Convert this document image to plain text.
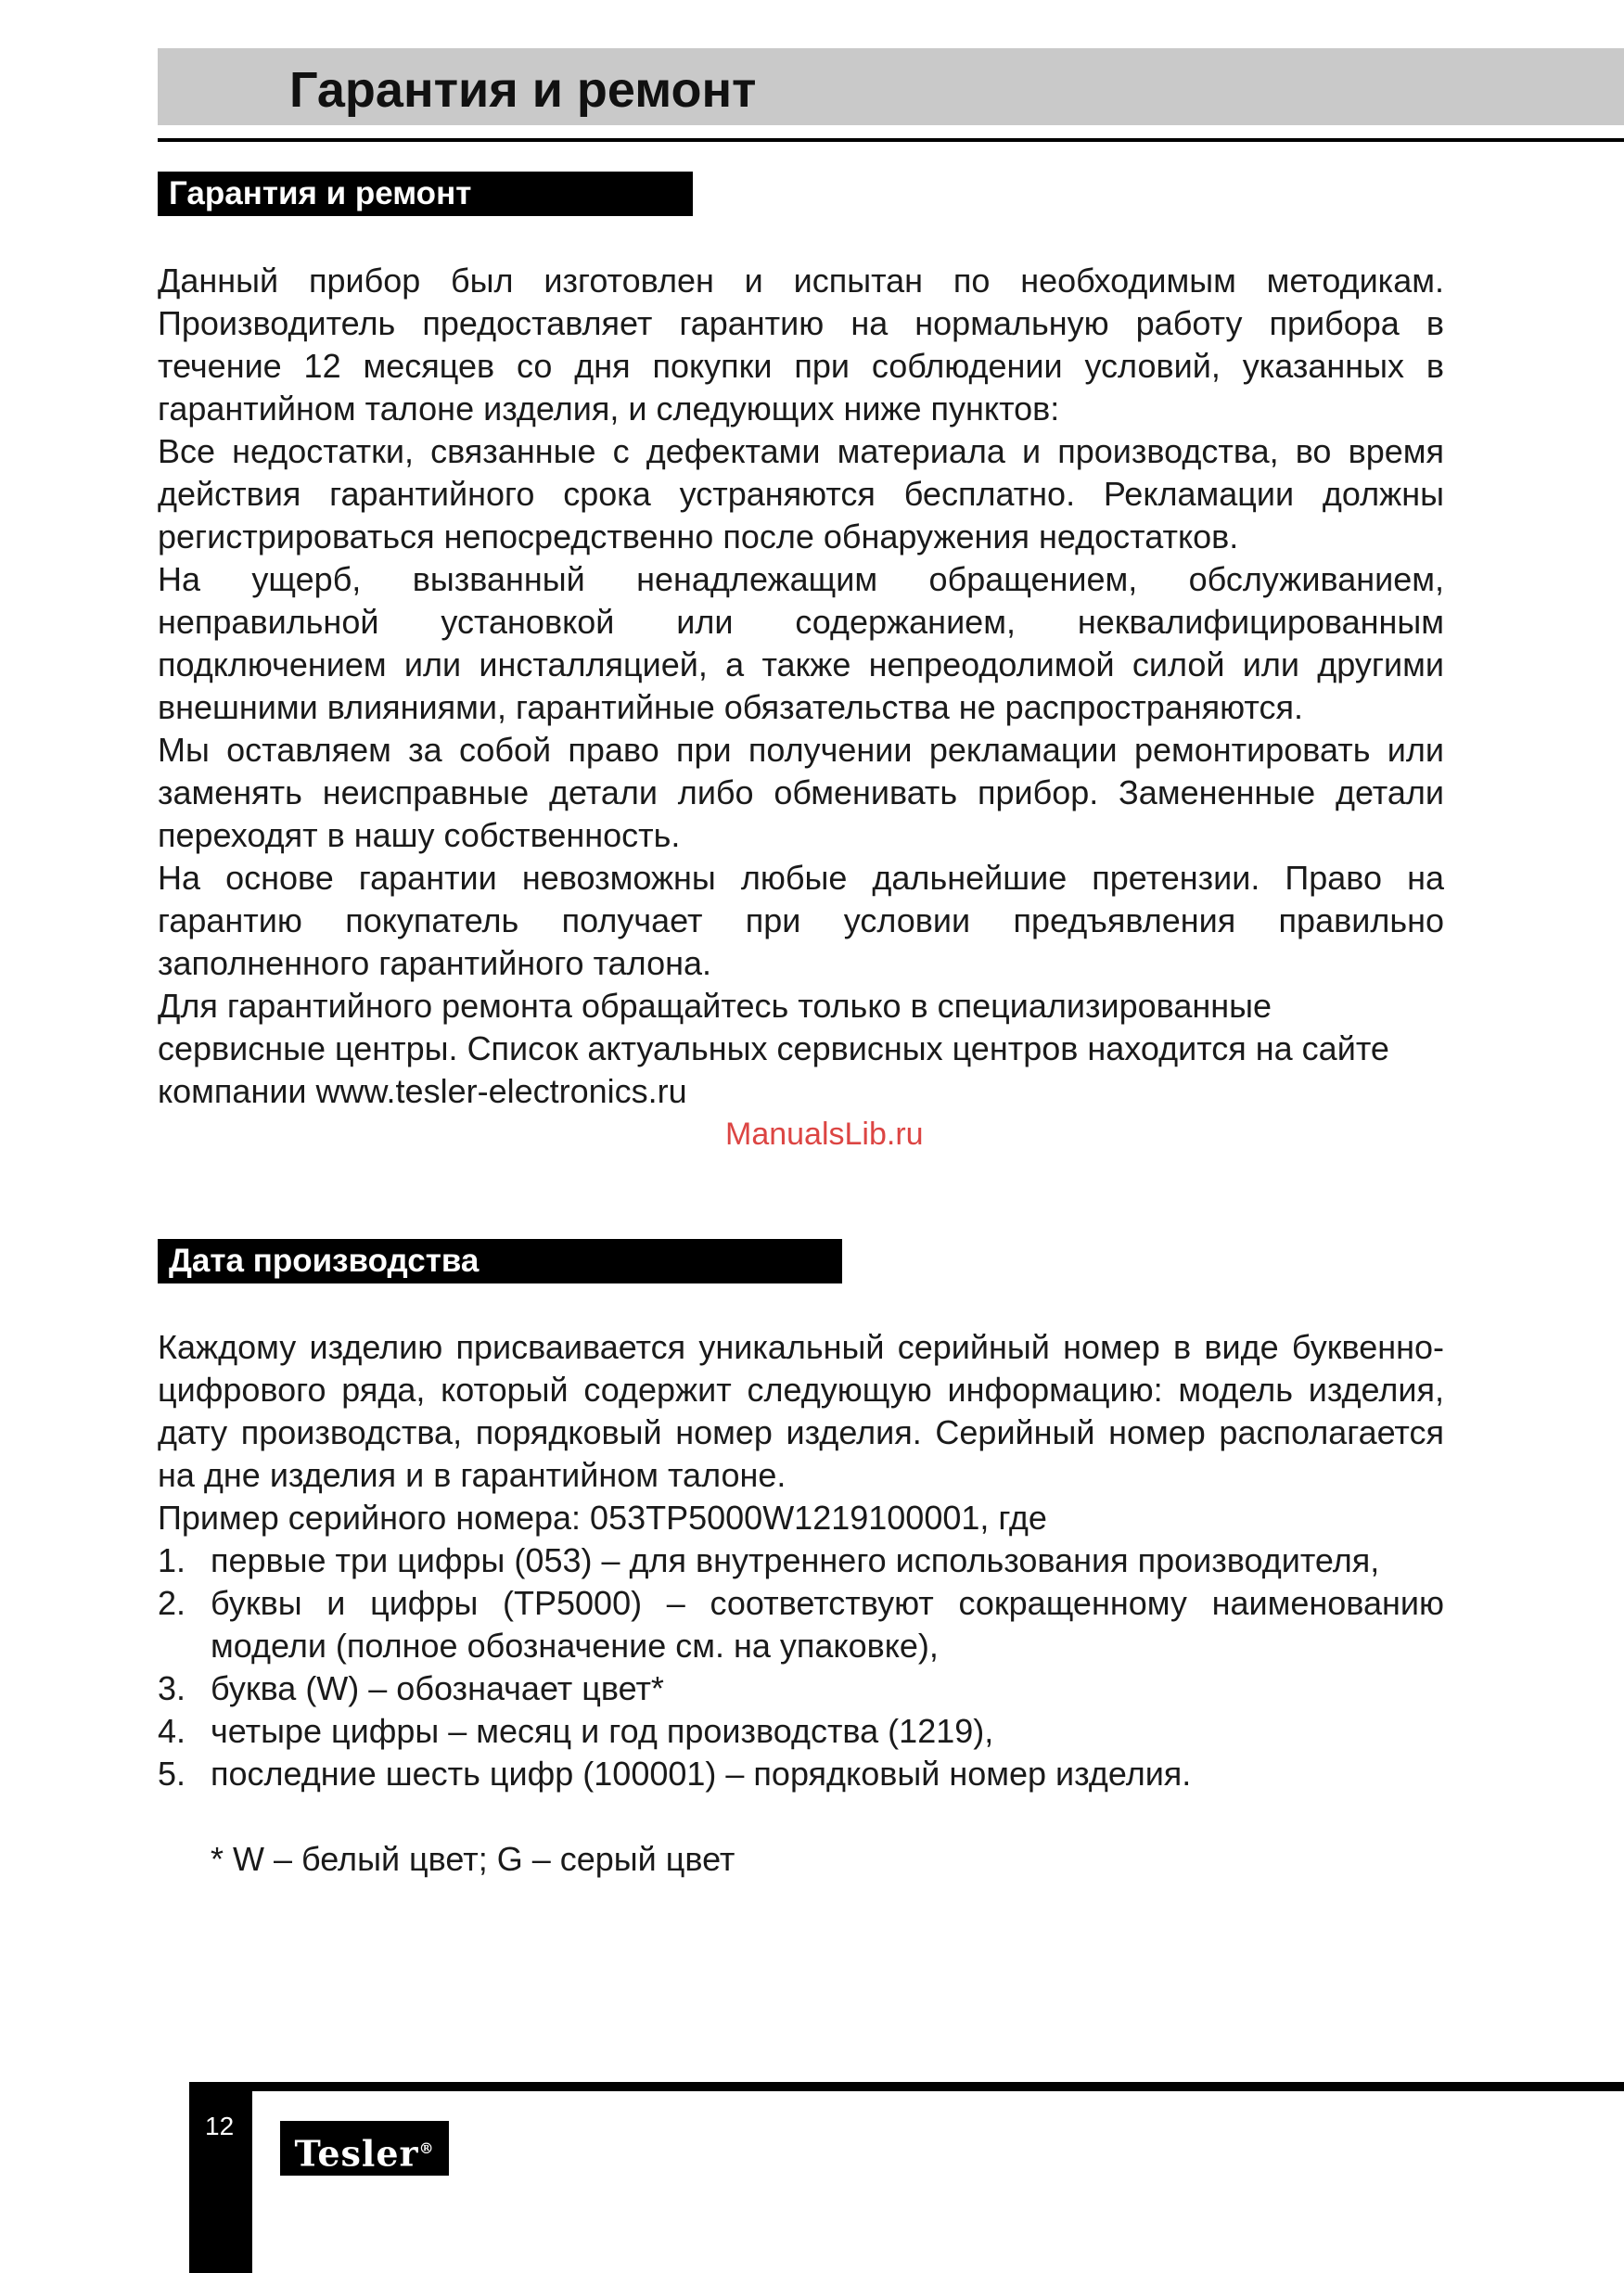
Гарантия и ремонт
Гарантия и ремонт

Данный прибор был изготовлен и испытан по необходимым методикам. Производитель предоставляет гарантию на нормальную работу прибора в течение 12 месяцев со дня покупки при соблюдении условий, указанных в гарантийном талоне изделия, и следующих ниже пунктов:

Все недостатки, связанные с дефектами материала и производства, во время действия гарантийного срока устраняются бесплатно. Рекламации должны регистрироваться непосредственно после обнаружения недостатков.

На ущерб, вызванный ненадлежащим обращением, обслуживанием, неправильной установкой или содержанием, неквалифицированным подключением или инсталляцией, а также непреодолимой силой или другими внешними влияниями, гарантийные обязательства не распространяются.

Мы оставляем за собой право при получении рекламации ремонтировать или заменять неисправные детали либо обменивать прибор. Замененные детали переходят в нашу собственность.

На основе гарантии невозможны любые дальнейшие претензии. Право на гарантию покупатель получает при условии предъявления правильно заполненного гарантийного талона.

Для гарантийного ремонта обращайтесь только в специализированные сервисные центры. Список актуальных сервисных центров находится на сайте компании www.tesler-electronics.ru

ManualsLib.ru
Дата производства

Каждому изделию присваивается уникальный серийный номер в виде буквенно-цифрового ряда, который содержит следующую информацию: модель изделия, дату производства, порядковый номер изделия. Серийный номер располагается на дне изделия и в гарантийном талоне.

Пример серийного номера: 053TP5000W1219100001, где

1. первые три цифры (053) – для внутреннего использования производителя,
2. буквы и цифры (TP5000) – соответствуют сокращенному наименованию модели (полное обозначение см. на упаковке),
3. буква (W) – обозначает цвет*
4. четыре цифры – месяц и год производства (1219),
5. последние шесть цифр (100001) – порядковый номер изделия.
* W – белый цвет; G – серый цвет
12
Tesler®
